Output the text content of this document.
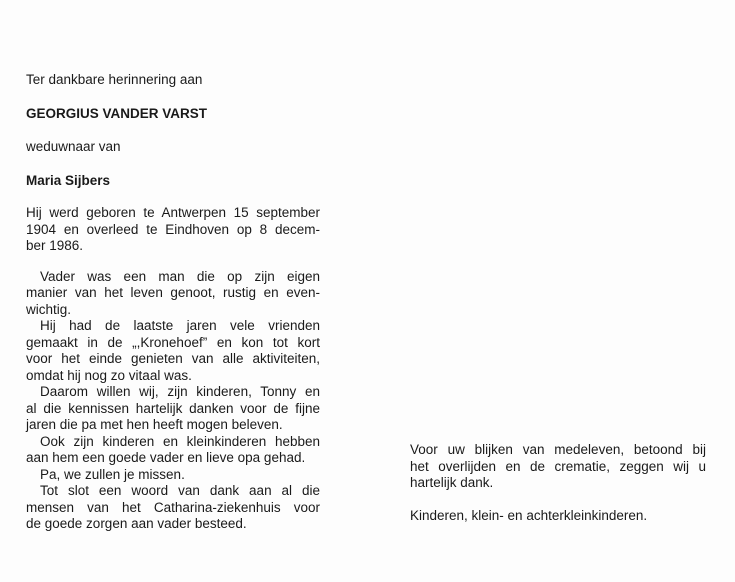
Ter dankbare herinnering aan
GEORGIUS VANDER VARST
weduwnaar van
Maria Sijbers
Hij werd geboren te Antwerpen 15 september
1904 en overleed te Eindhoven op 8 decem-
ber 1986.
Vader was een man die op zijn eigen
manier van het leven genoot, rustig en even-
wichtig.
Hij had de laatste jaren vele vrienden
gemaakt in de „,Kronehoef” en kon tot kort
voor het einde genieten van alle aktiviteiten,
omdat hij nog zo vitaal was.
Daarom willen wij, zijn kinderen, Tonny en
al die kennissen hartelijk danken voor de fijne
jaren die pa met hen heeft mogen beleven.
Ook zijn kinderen en kleinkinderen hebben
aan hem een goede vader en lieve opa gehad.
Pa, we zullen je missen.
Tot slot een woord van dank aan al die
mensen van het Catharina-ziekenhuis voor
de goede zorgen aan vader besteed.
Voor uw blijken van medeleven, betoond bij
het overlijden en de crematie, zeggen wij u
hartelijk dank.
Kinderen, klein- en achterkleinkinderen.
